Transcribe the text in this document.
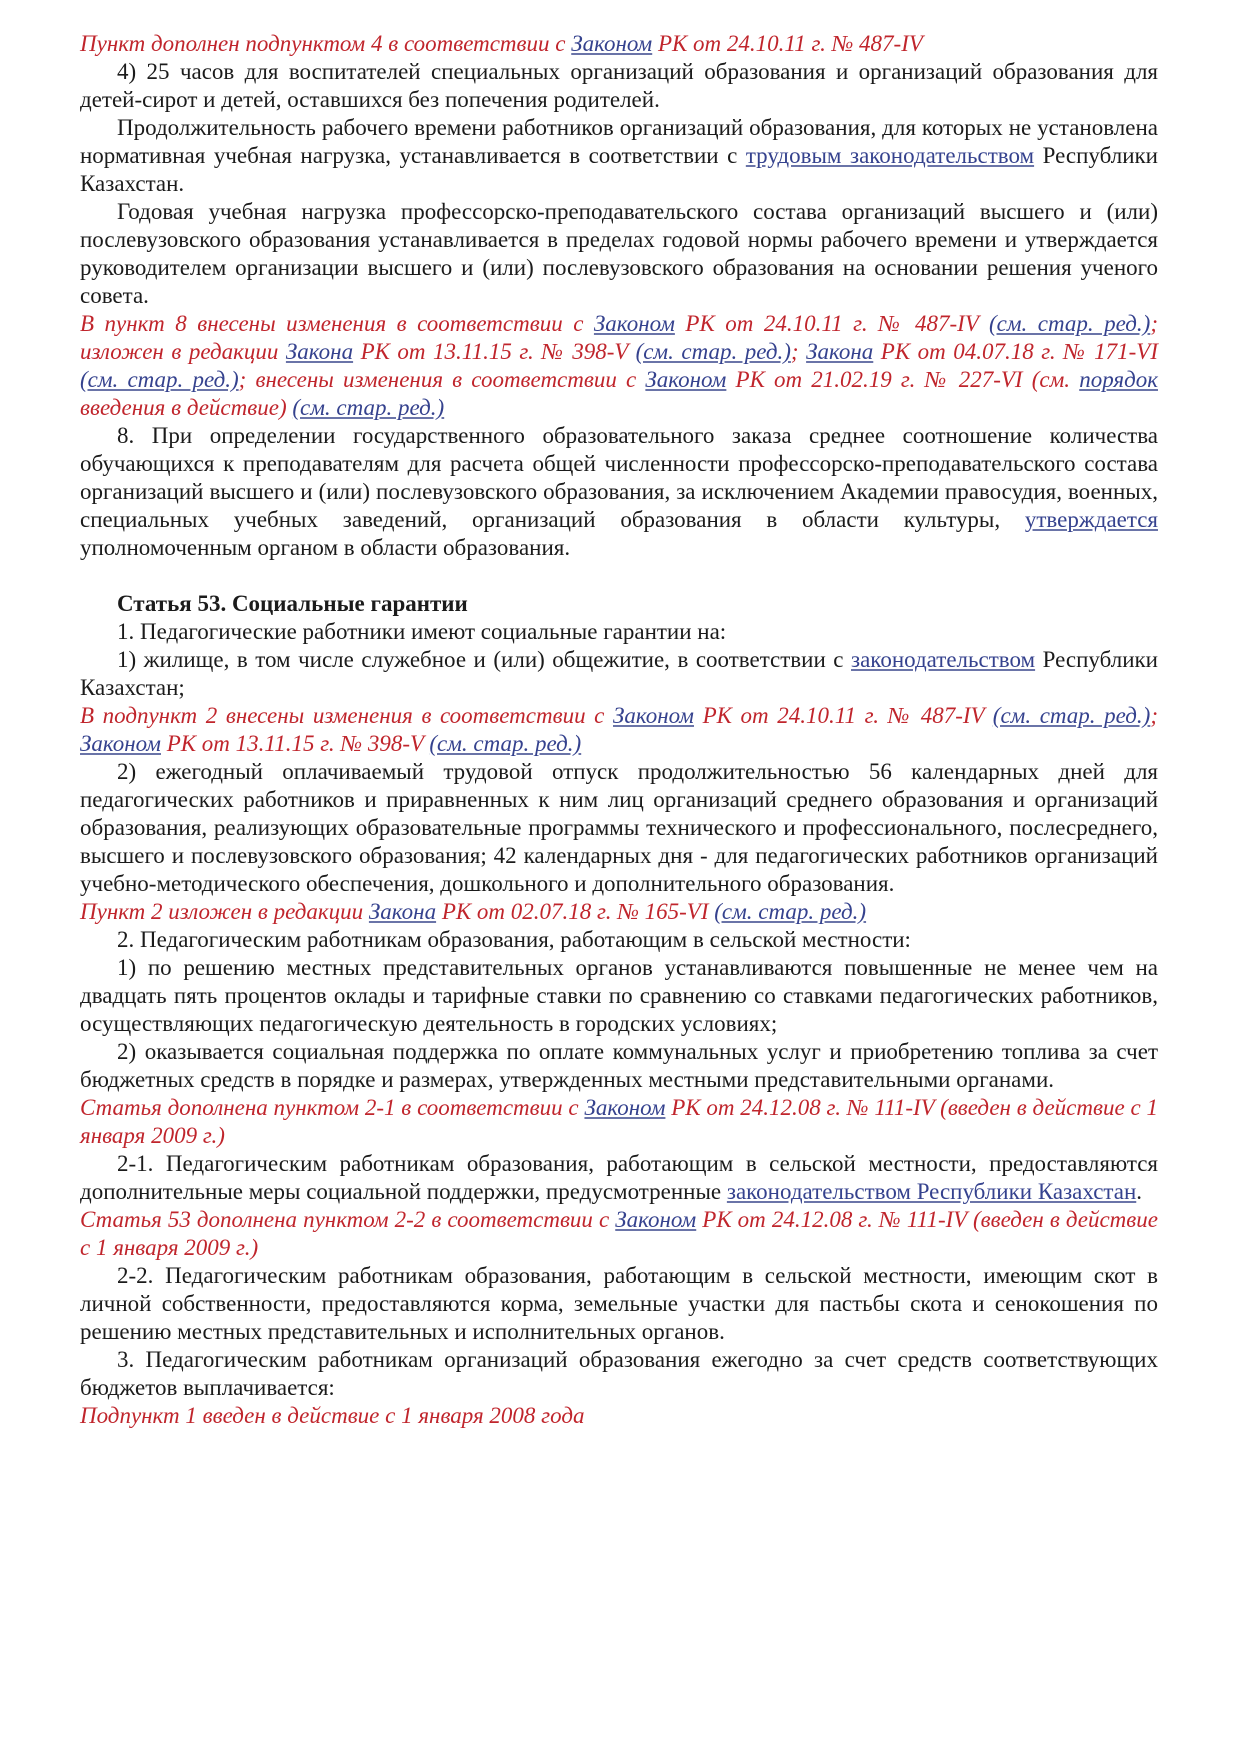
Пункт дополнен подпунктом 4 в соответствии с Законом РК от 24.10.11 г. № 487-IV

4) 25 часов для воспитателей специальных организаций образования и организаций образования для детей-сирот и детей, оставшихся без попечения родителей.

Продолжительность рабочего времени работников организаций образования, для которых не установлена нормативная учебная нагрузка, устанавливается в соответствии с трудовым законодательством Республики Казахстан.

Годовая учебная нагрузка профессорско-преподавательского состава организаций высшего и (или) послевузовского образования устанавливается в пределах годовой нормы рабочего времени и утверждается руководителем организации высшего и (или) послевузовского образования на основании решения ученого совета.

В пункт 8 внесены изменения в соответствии с Законом РК от 24.10.11 г. № 487-IV (см. стар. ред.); изложен в редакции Закона РК от 13.11.15 г. № 398-V (см. стар. ред.); Закона РК от 04.07.18 г. № 171-VI (см. стар. ред.); внесены изменения в соответствии с Законом РК от 21.02.19 г. № 227-VI (см. порядок введения в действие) (см. стар. ред.)

8. При определении государственного образовательного заказа среднее соотношение количества обучающихся к преподавателям для расчета общей численности профессорско-преподавательского состава организаций высшего и (или) послевузовского образования, за исключением Академии правосудия, военных, специальных учебных заведений, организаций образования в области культуры, утверждается уполномоченным органом в области образования.

Статья 53. Социальные гарантии

1. Педагогические работники имеют социальные гарантии на:

1) жилище, в том числе служебное и (или) общежитие, в соответствии с законодательством Республики Казахстан;

В подпункт 2 внесены изменения в соответствии с Законом РК от 24.10.11 г. № 487-IV (см. стар. ред.); Законом РК от 13.11.15 г. № 398-V (см. стар. ред.)

2) ежегодный оплачиваемый трудовой отпуск продолжительностью 56 календарных дней для педагогических работников и приравненных к ним лиц организаций среднего образования и организаций образования, реализующих образовательные программы технического и профессионального, послесреднего, высшего и послевузовского образования; 42 календарных дня - для педагогических работников организаций учебно-методического обеспечения, дошкольного и дополнительного образования.

Пункт 2 изложен в редакции Закона РК от 02.07.18 г. № 165-VI (см. стар. ред.)

2. Педагогическим работникам образования, работающим в сельской местности:

1) по решению местных представительных органов устанавливаются повышенные не менее чем на двадцать пять процентов оклады и тарифные ставки по сравнению со ставками педагогических работников, осуществляющих педагогическую деятельность в городских условиях;

2) оказывается социальная поддержка по оплате коммунальных услуг и приобретению топлива за счет бюджетных средств в порядке и размерах, утвержденных местными представительными органами.

Статья дополнена пунктом 2-1 в соответствии с Законом РК от 24.12.08 г. № 111-IV (введен в действие с 1 января 2009 г.)

2-1. Педагогическим работникам образования, работающим в сельской местности, предоставляются дополнительные меры социальной поддержки, предусмотренные законодательством Республики Казахстан.

Статья 53 дополнена пунктом 2-2 в соответствии с Законом РК от 24.12.08 г. № 111-IV (введен в действие с 1 января 2009 г.)

2-2. Педагогическим работникам образования, работающим в сельской местности, имеющим скот в личной собственности, предоставляются корма, земельные участки для пастьбы скота и сенокошения по решению местных представительных и исполнительных органов.

3. Педагогическим работникам организаций образования ежегодно за счет средств соответствующих бюджетов выплачивается:

Подпункт 1 введен в действие с 1 января 2008 года
